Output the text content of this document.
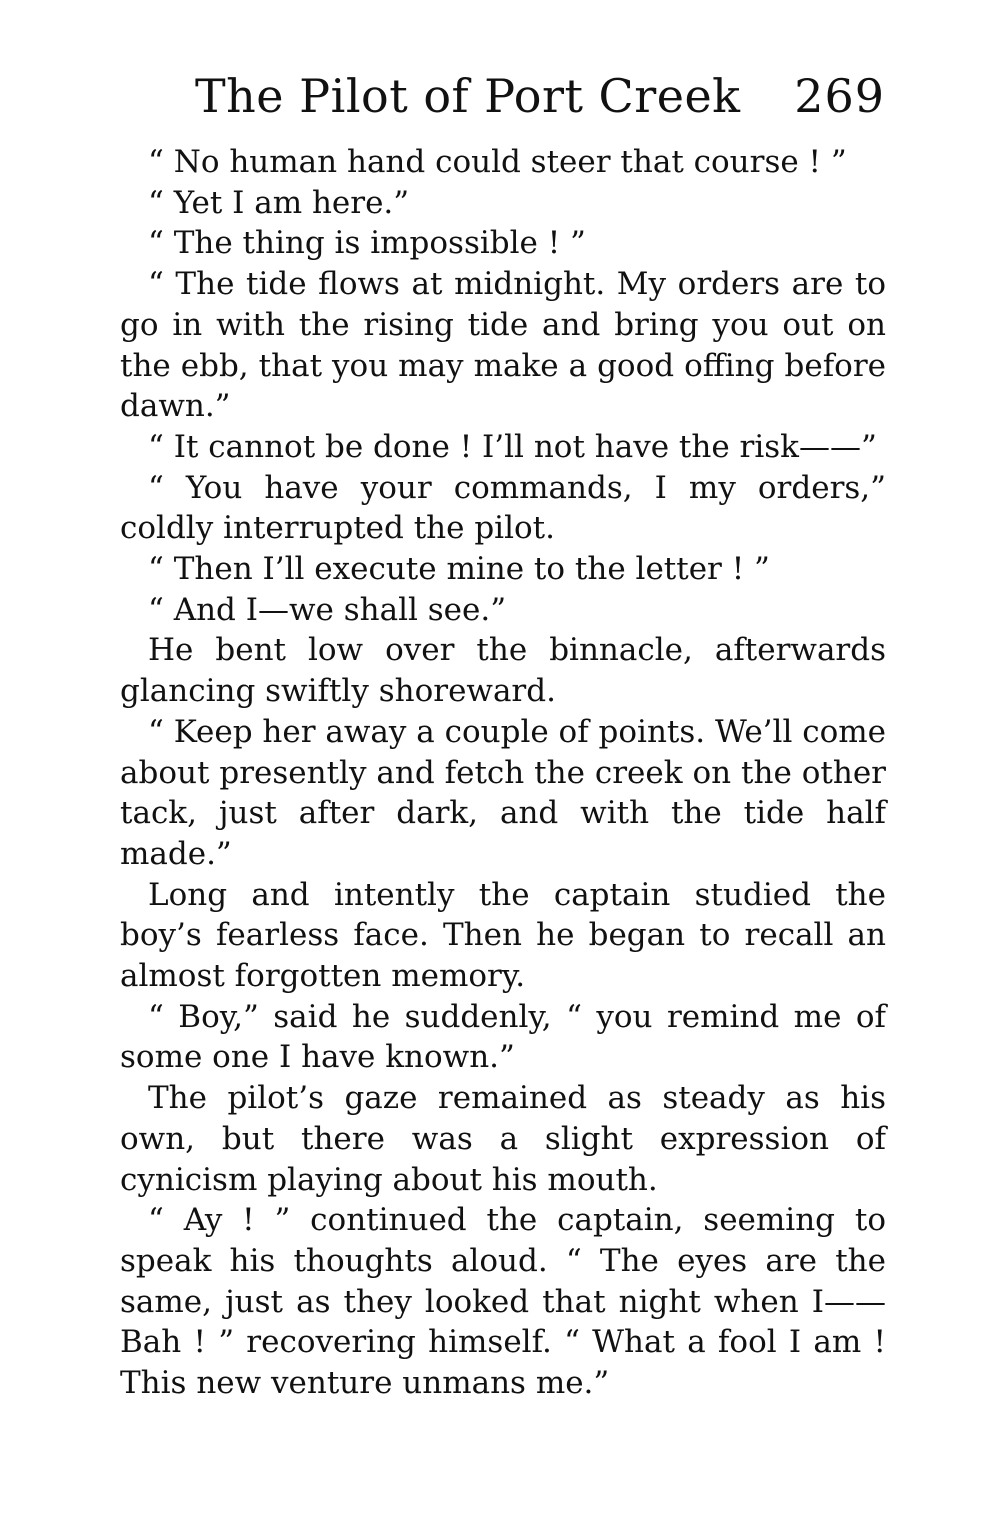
The Pilot of Port Creek 269

“ No human hand could steer that course ! ”

“ Yet I am here.”

“ The thing is impossible ! ”

“ The tide flows at midnight. My orders are to go in with the rising tide and bring you out on the ebb, that you may make a good offing before dawn.”

“ It cannot be done ! I’ll not have the risk——”

“ You have your commands, I my orders,” coldly interrupted the pilot.

“ Then I’ll execute mine to the letter ! ”

“ And I—we shall see.”

He bent low over the binnacle, afterwards glancing swiftly shoreward.

“ Keep her away a couple of points. We’ll come about presently and fetch the creek on the other tack, just after dark, and with the tide half made.”

Long and intently the captain studied the boy’s fearless face. Then he began to recall an almost forgotten memory.

“ Boy,” said he suddenly, “ you remind me of some one I have known.”

The pilot’s gaze remained as steady as his own, but there was a slight expression of cynicism playing about his mouth.

“ Ay ! ” continued the captain, seeming to speak his thoughts aloud. “ The eyes are the same, just as they looked that night when I—— Bah ! ” recovering himself. “ What a fool I am ! This new venture unmans me.”
